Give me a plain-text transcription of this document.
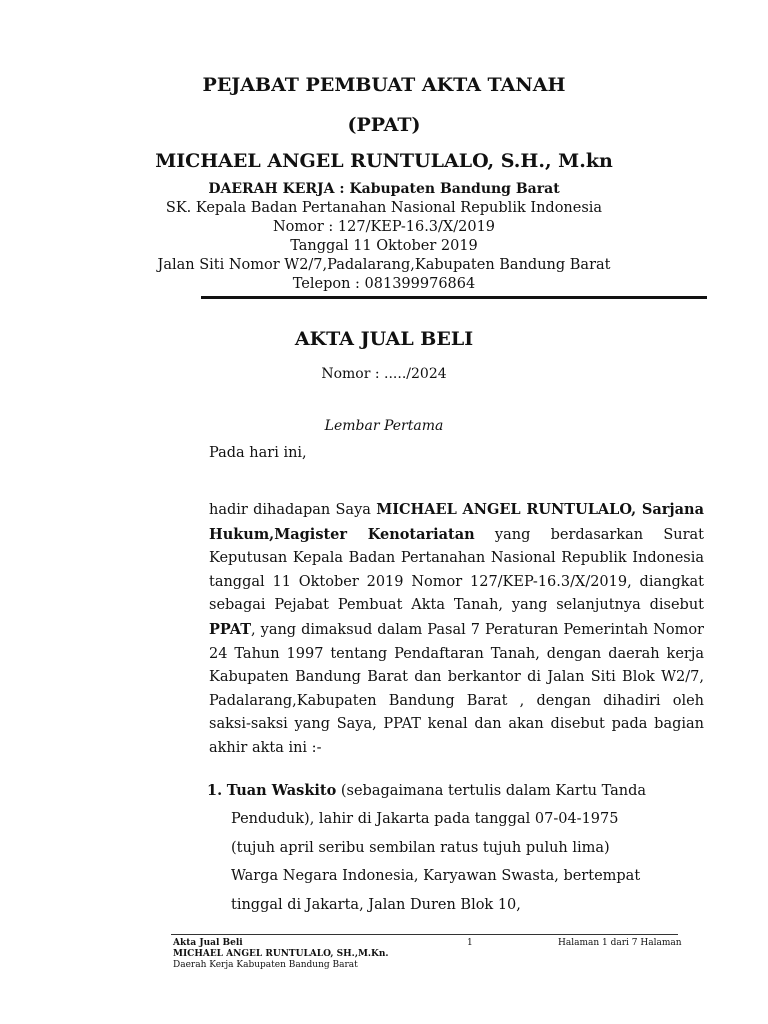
PEJABAT PEMBUAT AKTA TANAH
(PPAT)
MICHAEL ANGEL RUNTULALO, S.H., M.kn
DAERAH KERJA : Kabupaten Bandung Barat
SK. Kepala Badan Pertanahan Nasional Republik Indonesia
Nomor : 127/KEP-16.3/X/2019
Tanggal 11 Oktober 2019
Jalan Siti Nomor W2/7,Padalarang,Kabupaten Bandung Barat
Telepon : 081399976864
AKTA JUAL BELI
Nomor : ...../2024
Lembar Pertama
Pada hari ini,
hadir dihadapan Saya MICHAEL ANGEL RUNTULALO, Sarjana Hukum,Magister Kenotariatan yang berdasarkan Surat Keputusan Kepala Badan Pertanahan Nasional Republik Indonesia tanggal 11 Oktober 2019 Nomor 127/KEP-16.3/X/2019, diangkat sebagai Pejabat Pembuat Akta Tanah, yang selanjutnya disebut PPAT, yang dimaksud dalam Pasal 7 Peraturan Pemerintah Nomor 24 Tahun 1997 tentang Pendaftaran Tanah, dengan daerah kerja Kabupaten Bandung Barat dan berkantor di Jalan Siti Blok W2/7, Padalarang,Kabupaten Bandung Barat , dengan dihadiri oleh saksi-saksi yang Saya, PPAT kenal dan akan disebut pada bagian akhir akta ini :-
1. Tuan Waskito (sebagaimana tertulis dalam Kartu Tanda
Penduduk), lahir di Jakarta pada tanggal 07-04-1975
(tujuh april seribu sembilan ratus tujuh puluh lima)
Warga Negara Indonesia, Karyawan Swasta, bertempat
tinggal di Jakarta, Jalan Duren Blok 10,
Akta Jual Beli	1	Halaman 1 dari 7 Halaman
MICHAEL ANGEL RUNTULALO, SH.,M.Kn.
Daerah Kerja Kabupaten Bandung Barat
